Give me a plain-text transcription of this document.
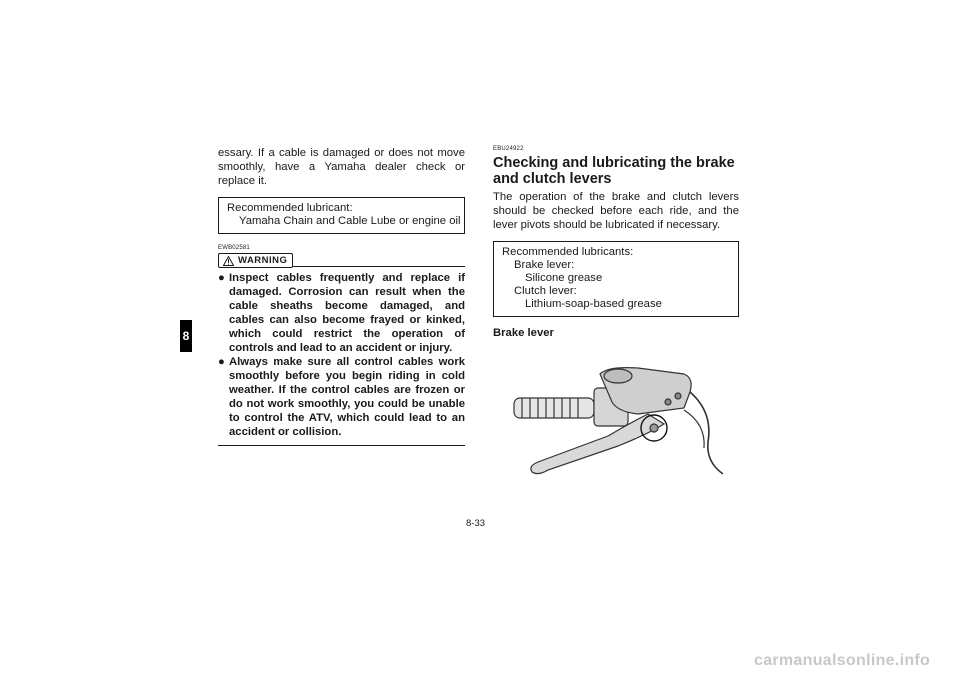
8

essary. If a cable is damaged or does not move smoothly, have a Yamaha dealer check or replace it.

Recommended lubricant:
Yamaha Chain and Cable Lube or engine oil

EWB02581

WARNING
● Inspect cables frequently and replace if damaged. Corrosion can result when the cable sheaths become damaged, and cables can also become frayed or kinked, which could restrict the operation of controls and lead to an accident or injury.
● Always make sure all control cables work smoothly before you begin riding in cold weather. If the control cables are frozen or do not work smoothly, you could be unable to control the ATV, which could lead to an accident or collision.

EBU24922

Checking and lubricating the brake and clutch levers

The operation of the brake and clutch levers should be checked before each ride, and the lever pivots should be lubricated if necessary.

Recommended lubricants:
Brake lever:
Silicone grease
Clutch lever:
Lithium-soap-based grease
Brake lever
8-33
carmanualsonline.info
